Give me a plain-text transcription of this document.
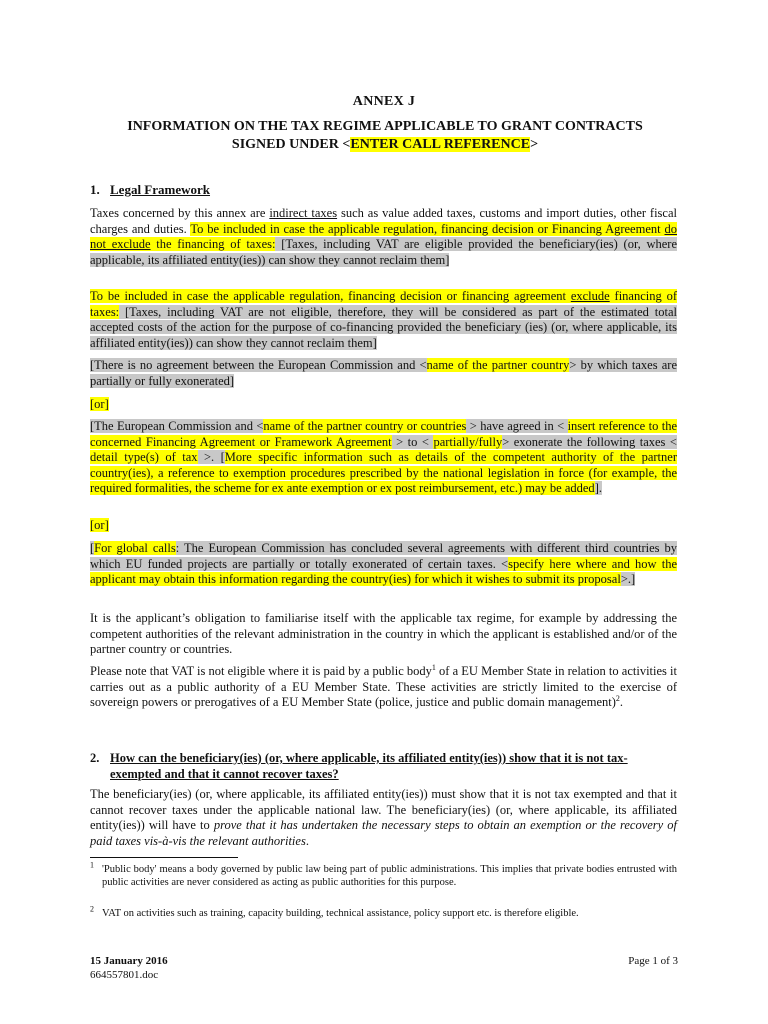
ANNEX J
INFORMATION ON THE TAX REGIME APPLICABLE TO GRANT CONTRACTS
SIGNED UNDER <ENTER CALL REFERENCE>
1. Legal Framework
Taxes concerned by this annex are indirect taxes such as value added taxes, customs and import duties, other fiscal charges and duties. To be included in case the applicable regulation, financing decision or Financing Agreement do not exclude the financing of taxes: [Taxes, including VAT are eligible provided the beneficiary(ies) (or, where applicable, its affiliated entity(ies)) can show they cannot reclaim them]
To be included in case the applicable regulation, financing decision or financing agreement exclude financing of taxes: [Taxes, including VAT are not eligible, therefore, they will be considered as part of the estimated total accepted costs of the action for the purpose of co-financing provided the beneficiary (ies) (or, where applicable, its affiliated entity(ies)) can show they cannot reclaim them]
[There is no agreement between the European Commission and <name of the partner country> by which taxes are partially or fully exonerated]
[or]
[The European Commission and <name of the partner country or countries > have agreed in < insert reference to the concerned Financing Agreement or Framework Agreement > to < partially/fully> exonerate the following taxes < detail type(s) of tax >. [More specific information such as details of the competent authority of the partner country(ies), a reference to exemption procedures prescribed by the national legislation in force (for example, the required formalities, the scheme for ex ante exemption or ex post reimbursement, etc.) may be added].
[or]
[For global calls: The European Commission has concluded several agreements with different third countries by which EU funded projects are partially or totally exonerated of certain taxes. <specify here where and how the applicant may obtain this information regarding the country(ies) for which it wishes to submit its proposal>.]
It is the applicant’s obligation to familiarise itself with the applicable tax regime, for example by addressing the competent authorities of the relevant administration in the country in which the applicant is established and/or of the partner country or countries.
Please note that VAT is not eligible where it is paid by a public body$^1$ of a EU Member State in relation to activities it carries out as a public authority of a EU Member State. These activities are strictly limited to the exercise of sovereign powers or prerogatives of a EU Member State (police, justice and public domain management)$^2$.
2. How can the beneficiary(ies) (or, where applicable, its affiliated entity(ies)) show that it is not tax-exempted and that it cannot recover taxes?
The beneficiary(ies) (or, where applicable, its affiliated entity(ies)) must show that it is not tax exempted and that it cannot recover taxes under the applicable national law. The beneficiary(ies) (or, where applicable, its affiliated entity(ies)) will have to prove that it has undertaken the necessary steps to obtain an exemption or the recovery of paid taxes vis-à-vis the relevant authorities.
$^1$ 'Public body' means a body governed by public law being part of public administrations. This implies that private bodies entrusted with public activities are never considered as acting as public authorities for this purpose.
$^2$ VAT on activities such as training, capacity building, technical assistance, policy support etc. is therefore eligible.
15 January 2016
664557801.doc
Page 1 of 3
